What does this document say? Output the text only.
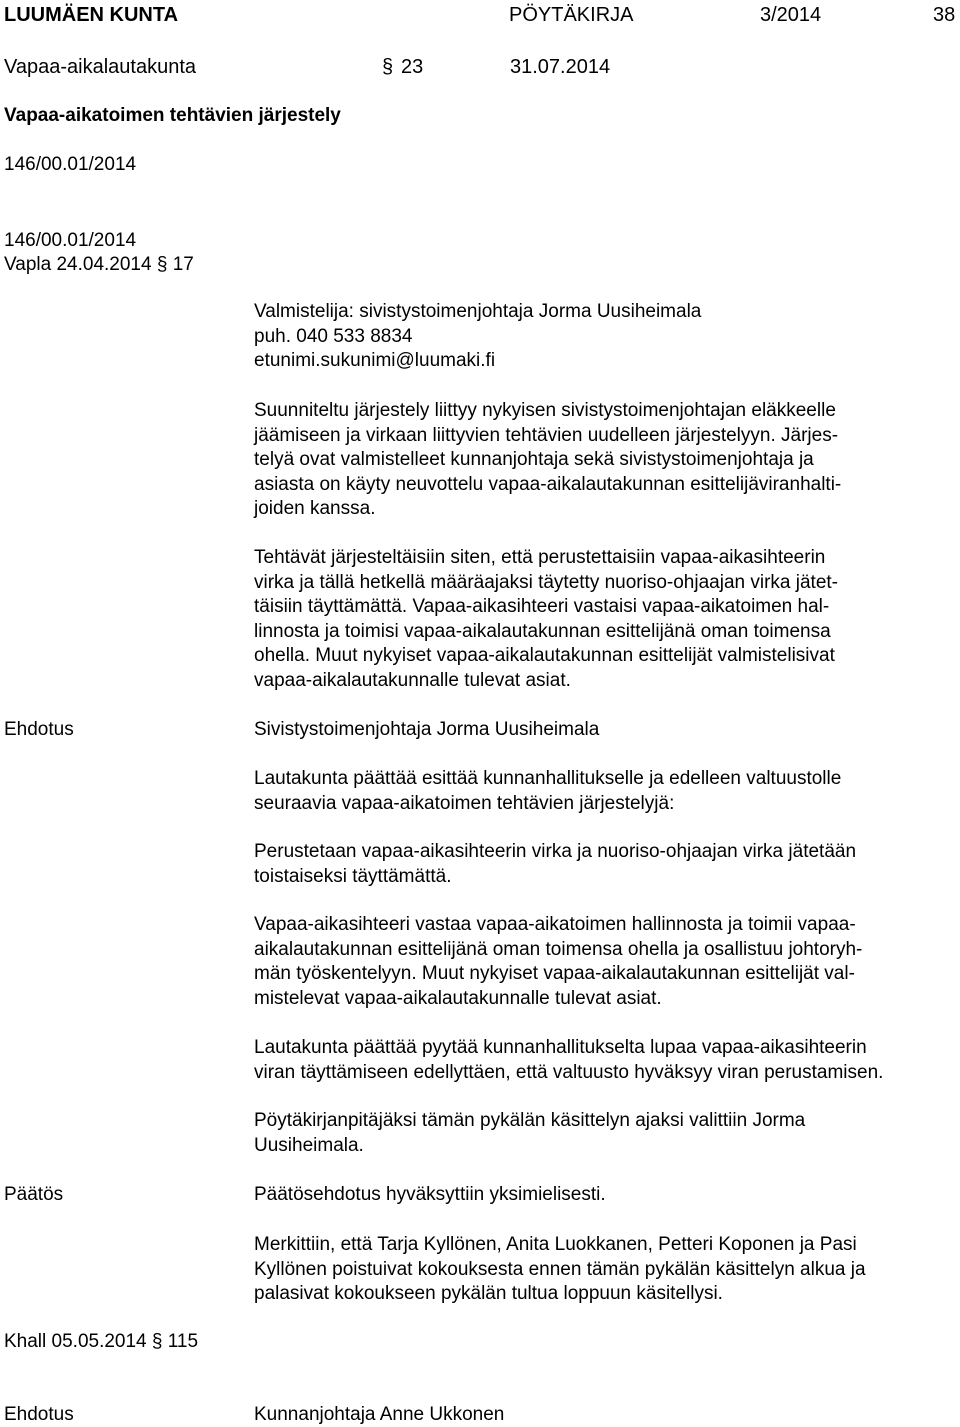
LUUMÄEN KUNTA	PÖYTÄKIRJA	3/2014	38
Vapaa-aikalautakunta	§ 23	31.07.2014
Vapaa-aikatoimen tehtävien järjestely
146/00.01/2014
146/00.01/2014
Vapla 24.04.2014 § 17
Valmistelija: sivistystoimenjohtaja Jorma Uusiheimala
puh. 040 533 8834
etunimi.sukunimi@luumaki.fi
Suunniteltu järjestely liittyy nykyisen sivistystoimenjohtajan eläkkeelle
jäämiseen ja virkaan liittyvien tehtävien uudelleen järjestelyyn. Järjes-
telyä ovat valmistelleet kunnanjohtaja sekä sivistystoimenjohtaja ja
asiasta on käyty neuvottelu vapaa-aikalautakunnan esittelijäviranhalti-
joiden kanssa.
Tehtävät järjesteltäisiin siten, että perustettaisiin vapaa-aikasihteerin
virka ja tällä hetkellä määräajaksi täytetty nuoriso-ohjaajan virka jätet-
täisiin täyttämättä. Vapaa-aikasihteeri vastaisi vapaa-aikatoimen hal-
linnosta ja toimisi vapaa-aikalautakunnan esittelijänä oman toimensa
ohella. Muut nykyiset vapaa-aikalautakunnan esittelijät valmistelisivat
vapaa-aikalautakunnalle tulevat asiat.
Ehdotus	Sivistystoimenjohtaja Jorma Uusiheimala
Lautakunta päättää esittää kunnanhallitukselle ja edelleen valtuustolle
seuraavia vapaa-aikatoimen tehtävien järjestelyjä:
Perustetaan vapaa-aikasihteerin virka ja nuoriso-ohjaajan virka jätetään
toistaiseksi täyttämättä.
Vapaa-aikasihteeri vastaa vapaa-aikatoimen hallinnosta ja toimii vapaa-
aikalautakunnan esittelijänä oman toimensa ohella ja osallistuu johtoryh-
män työskentelyyn. Muut nykyiset vapaa-aikalautakunnan esittelijät val-
mistelevat vapaa-aikalautakunnalle tulevat asiat.
Lautakunta päättää pyytää kunnanhallitukselta lupaa vapaa-aikasihteerin
viran täyttämiseen edellyttäen, että valtuusto hyväksyy viran perustamisen.
Pöytäkirjanpitäjäksi tämän pykälän käsittelyn ajaksi valittiin Jorma
Uusiheimala.
Päätös	Päätösehdotus hyväksyttiin yksimielisesti.
Merkittiin, että Tarja Kyllönen, Anita Luokkanen, Petteri Koponen ja Pasi
Kyllönen poistuivat kokouksesta ennen tämän pykälän käsittelyn alkua ja
palasivat kokoukseen pykälän tultua loppuun käsitellysi.
Khall 05.05.2014 § 115
Ehdotus	Kunnanjohtaja Anne Ukkonen
